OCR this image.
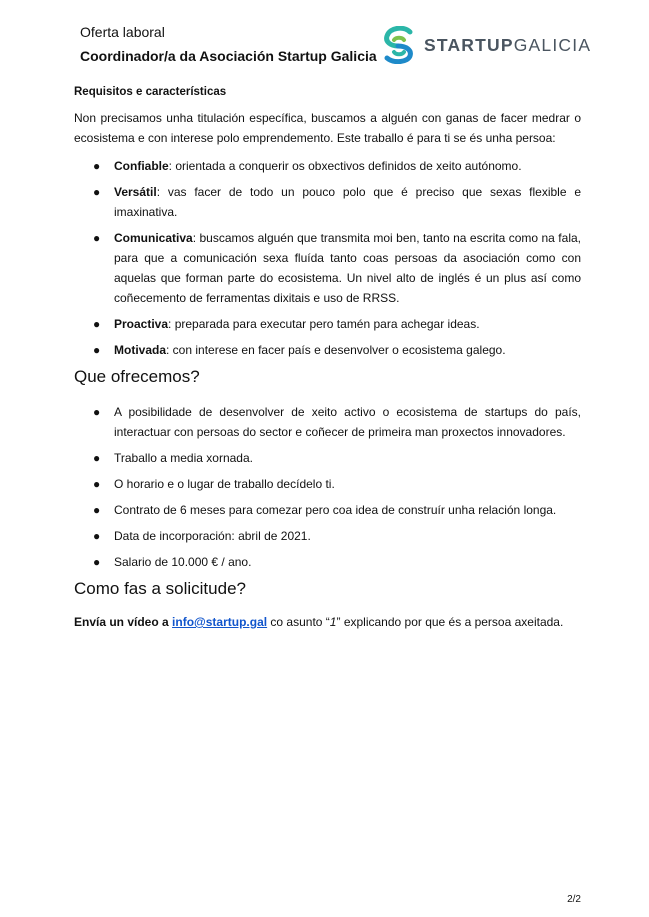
Oferta laboral
Coordinador/a da Asociación Startup Galicia
STARTUPGALICIA
Requisitos e características
Non precisamos unha titulación específica, buscamos a alguén con ganas de facer medrar o ecosistema e con interese polo emprendemento. Este traballo é para ti se és unha persoa:
● Confiable: orientada a conquerir os obxectivos definidos de xeito autónomo.
● Versátil: vas facer de todo un pouco polo que é preciso que sexas flexible e imaxinativa.
● Comunicativa: buscamos alguén que transmita moi ben, tanto na escrita como na fala, para que a comunicación sexa fluída tanto coas persoas da asociación como con aquelas que forman parte do ecosistema. Un nivel alto de inglés é un plus así como coñecemento de ferramentas dixitais e uso de RRSS.
● Proactiva: preparada para executar pero tamén para achegar ideas.
● Motivada: con interese en facer país e desenvolver o ecosistema galego.
Que ofrecemos?
● A posibilidade de desenvolver de xeito activo o ecosistema de startups do país, interactuar con persoas do sector e coñecer de primeira man proxectos innovadores.
● Traballo a media xornada.
● O horario e o lugar de traballo decídelo ti.
● Contrato de 6 meses para comezar pero coa idea de construír unha relación longa.
● Data de incorporación: abril de 2021.
● Salario de 10.000 € / ano.
Como fas a solicitude?

Envía un vídeo a info@startup.gal co asunto “1” explicando por que és a persoa axeitada.

2/2
